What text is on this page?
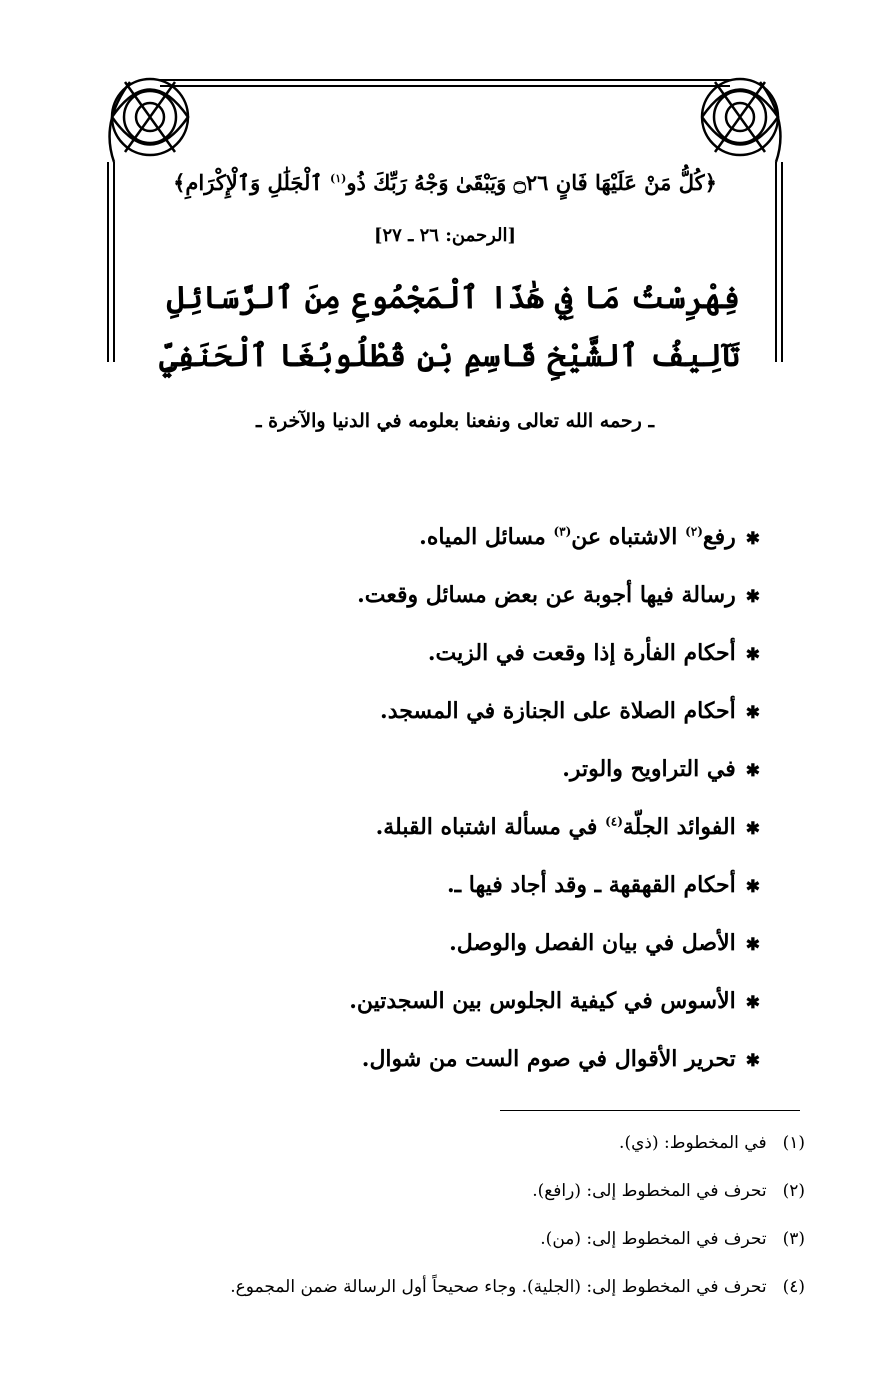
﴿كُلُّ مَنْ عَلَيْهَا فَانٍ ۝٢٦ وَيَبْقَىٰ وَجْهُ رَبِّكَ ذُو$^{(١)}$ ٱلْجَلَٰلِ وَٱلْإِكْرَامِ﴾
[الرحمن: ٢٦ ـ ٢٧]
فِهْرِسْتُ مَا فِي هَٰذَا ٱلْمَجْمُوعِ مِنَ ٱلرَّسَائِلِ
تَآلِيفُ ٱلشَّيْخِ قَاسِمِ بْنِ قُطْلُوبُغَا ٱلْحَنَفِيِّ
ـ رحمه الله تعالى ونفعنا بعلومه في الدنيا والآخرة ـ
✱رفع$^{(٢)}$ الاشتباه عن$^{(٣)}$ مسائل المياه.
✱رسالة فيها أجوبة عن بعض مسائل وقعت.
✱أحكام الفأرة إذا وقعت في الزيت.
✱أحكام الصلاة على الجنازة في المسجد.
✱في التراويح والوتر.
✱الفوائد الجلّة$^{(٤)}$ في مسألة اشتباه القبلة.
✱أحكام القهقهة ـ وقد أجاد فيها ـ.
✱الأصل في بيان الفصل والوصل.
✱الأسوس في كيفية الجلوس بين السجدتين.
✱تحرير الأقوال في صوم الست من شوال.
(١)في المخطوط: (ذي).
(٢)تحرف في المخطوط إلى: (رافع).
(٣)تحرف في المخطوط إلى: (من).
(٤)تحرف في المخطوط إلى: (الجلية). وجاء صحيحاً أول الرسالة ضمن المجموع.
